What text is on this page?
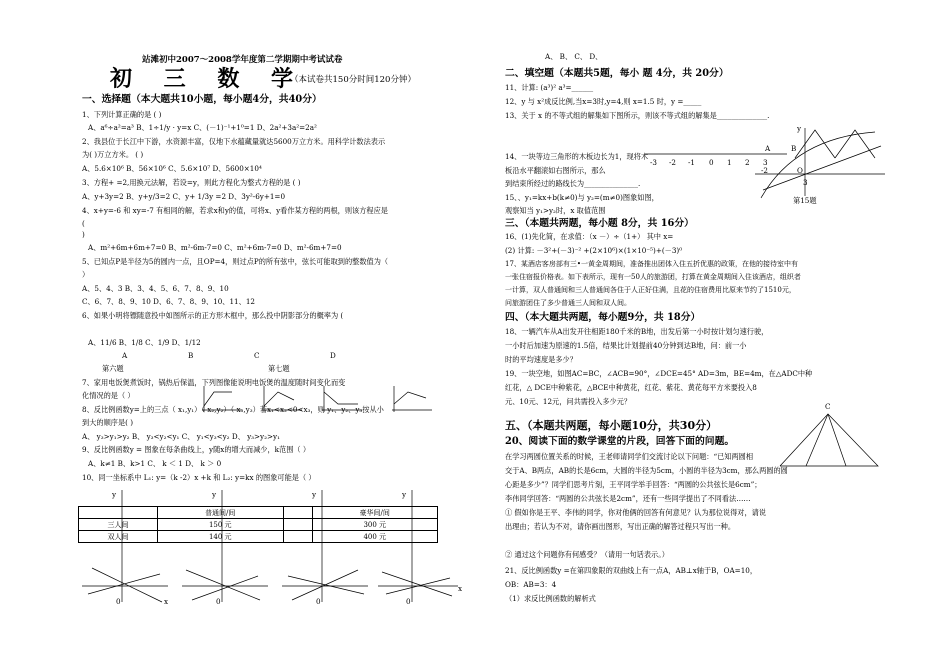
站滩初中2007～2008学年度第二学期期中考试试卷
初 三 数 学
（本试卷共150分时间120分钟）
一、选择题（本大题共10小题，每小题4分，共40分）
1、下列计算正确的是 ( )
A、a⁶÷a²=a³ B、1÷1/y · y=x C、(－1)⁻¹+1⁰=1 D、2a²+3a²=2a²
2、我县位于长江中下游，水资源丰富，仅地下水蕴藏量就达5600万立方米。用科学计数法表示
为( )万立方米。 ( )
A、5.6×10⁶ B、56×10⁶ C、5.6×10⁷ D、5600×10⁴
3、方程+ =2,用换元法解，若设=y，则此方程化为整式方程的是 ( )
A、y+3y=2 B、y+y/3=2 C、y+ 1/3y =2 D、3y²-6y+1=0
4、x+y=-6 和 xy=-7 有相同的解，若求x和y的值，可将x、y看作某方程的两根，则该方程应是
(
)
A、m²+6m+6m+7=0 B、m²-6m-7=0 C、m²+6m-7=0 D、m²-6m+7=0
5、已知点P是半径为5的圆内一点，且OP=4，则过点P的所有弦中，弦长可能取到的整数值为（
）
A、5、4、3 B、3、4、5、6、7、8、9、10
C、6、7、8、9、10 D、6、7、8、9、10、11、12
6、如果小明将镖随意投中如图所示的正方形木框中，那么投中阴影部分的概率为 (
A、11/6 B、1/8 C、1/9 D、1/12
A	B	C	D
第六题	第七题
7、家用电饭煲煮饭时，锅热后保温，下列图像能说明电饭煲的温度随时间变化而变
化情况的是（ ）
8、反比例函数y=上的三点（ x₁,y₁）（ x₂,y₂）（ x₃,y₃）若x₁<x₂<0<x₃，则 y₁、y₂、y₃按从小
到大的顺序是( )
A、 y₃>y₁>y₂ B、 y₃<y₂<y₁ C、 y₁<y₃<y₂ D、 y₃>y₂>y₁
9、反比例函数y = 图象在每条曲线上，y随x的增大而减少，k范围（ ）
A、k≠1 B、k>1 C、 k ＜ 1 D、 k ＞ 0
10、同一坐标系中 L₁: y=（k -2）x +k 和 L₂: y=kx 的图象可能是（ ）
y	y	y	y
0	x	0	0	0
x
	普通间/间		豪华间/间
三人间	150 元		300 元
双人间	140 元		400 元
A、 B、 C、 D、
二、填空题（本题共5题，每小 题 4分，共 20分）
11、计算: (a³)² a³=______
12、y 与 x²成反比例,当x=3时,y=4,则 x=1.5 时，y =_____
13、关于 x 的不等式组的解集如下图所示，则该不等式组的解集是______________.
-3 -2 -1 0 1 2 3
y
A	B
-2	O
3
第15题
14、一块等边三角形的木板边长为1，现将木
板沿水平翻滚如右图所示，那么
到结束所经过的路线长为_______________.
15、、y₁=kx+b(k≠0)与 y₂=(m≠0)图象如图，
观察知当 y₁>y₂时，x 取值范围
三、（本题共两题，每小题 8分，共 16分）
16、(1)先化简，在求值：（x －）÷（1+） 其中 x=
(2) 计算: －3²+(－3)⁻² +(2×10⁶)×(1×10⁻⁵)+(－3)⁰
17、某酒店客房部有三•一黄金周期间，准备推出团体入住五折优惠的政策，在他的接待室中有
一张住宿报价格表。如下表所示，现有一50人的旅游团，打算在黄金周期间入住该酒店，组织者
一计算，双人普通间和三人普通间各住于人正好住满，且花的住宿费用比原来节约了1510元，
问旅游团住了多少普通三人间和双人间。
四、（本大题共两题，每小题9分，共 18分）
18、一辆汽车从A出发开往相距180千米的B地，出发后第一小时按计划匀速行驶，
一小时后加速为原速的1.5倍，结果比计划提前40分钟到达B地，问：前一小
时的平均速度是多少？
19、一块空地，如图AC=BC，∠ACB=90°，∠DCE=45° AD=3m，BE=4m，在△ADC中种
红花，△ DCE中种紫花，△BCE中种黄花，红花、紫花、黄花每平方米要投入8
元、10元、12元，问共需投入多少元？
五、（本题共两题，每小题10分，共30分）
20、阅读下面的数学课堂的片段，回答下面的问题。
在学习两圆位置关系的时候，王老师请同学们交流讨论以下问题：“已知两圆相
交于A、B两点，AB的长是6cm，大圆的半径为5cm，小圆的半径为3cm，那么两圆的圆
心距是多少”？同学们思考片刻，王平同学举手回答：“两圆的公共弦长是6cm”；
李伟同学回答：“两圆的公共弦长是2cm”，还有一些同学提出了不同看法……
① 假如你是王平、李伟的同学，你对他俩的回答有何意见？认为那位说得对，请说
出理由；若认为不对，请你画出图形，写出正确的解答过程只写出一种。
② 通过这个问题你有何感受？（请用一句话表示。）
21、反比例函数y =在第四象限的双曲线上有一点A，AB⊥x轴于B，OA=10，
OB：AB=3：4
（1）求反比例函数的解析式
C
